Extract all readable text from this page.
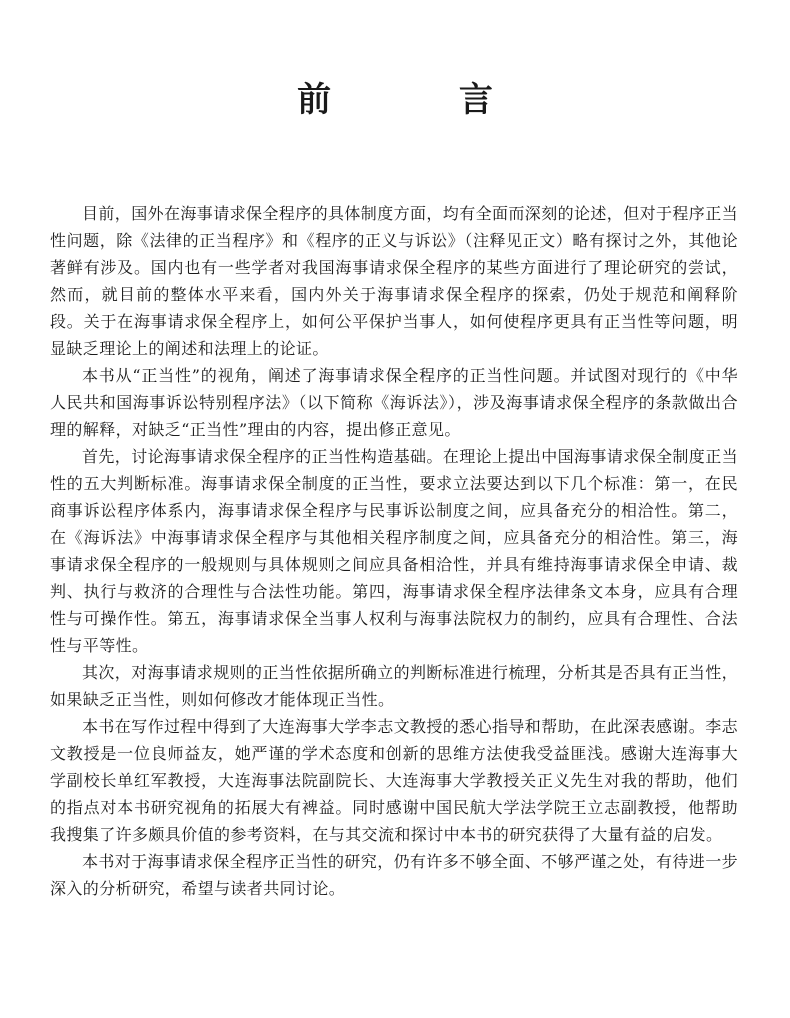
前 言

目前，国外在海事请求保全程序的具体制度方面，均有全面而深刻的论述，但对于程序正当性问题，除《法律的正当程序》和《程序的正义与诉讼》（注释见正文）略有探讨之外，其他论著鲜有涉及。国内也有一些学者对我国海事请求保全程序的某些方面进行了理论研究的尝试，然而，就目前的整体水平来看，国内外关于海事请求保全程序的探索，仍处于规范和阐释阶段。关于在海事请求保全程序上，如何公平保护当事人，如何使程序更具有正当性等问题，明显缺乏理论上的阐述和法理上的论证。

本书从“正当性”的视角，阐述了海事请求保全程序的正当性问题。并试图对现行的《中华人民共和国海事诉讼特别程序法》（以下简称《海诉法》），涉及海事请求保全程序的条款做出合理的解释，对缺乏“正当性”理由的内容，提出修正意见。

首先，讨论海事请求保全程序的正当性构造基础。在理论上提出中国海事请求保全制度正当性的五大判断标准。海事请求保全制度的正当性，要求立法要达到以下几个标准：第一，在民商事诉讼程序体系内，海事请求保全程序与民事诉讼制度之间，应具备充分的相洽性。第二，在《海诉法》中海事请求保全程序与其他相关程序制度之间，应具备充分的相洽性。第三，海事请求保全程序的一般规则与具体规则之间应具备相洽性，并具有维持海事请求保全申请、裁判、执行与救济的合理性与合法性功能。第四，海事请求保全程序法律条文本身，应具有合理性与可操作性。第五，海事请求保全当事人权利与海事法院权力的制约，应具有合理性、合法性与平等性。

其次，对海事请求规则的正当性依据所确立的判断标准进行梳理，分析其是否具有正当性，如果缺乏正当性，则如何修改才能体现正当性。

本书在写作过程中得到了大连海事大学李志文教授的悉心指导和帮助，在此深表感谢。李志文教授是一位良师益友，她严谨的学术态度和创新的思维方法使我受益匪浅。感谢大连海事大学副校长单红军教授，大连海事法院副院长、大连海事大学教授关正义先生对我的帮助，他们的指点对本书研究视角的拓展大有裨益。同时感谢中国民航大学法学院王立志副教授，他帮助我搜集了许多颇具价值的参考资料，在与其交流和探讨中本书的研究获得了大量有益的启发。

本书对于海事请求保全程序正当性的研究，仍有许多不够全面、不够严谨之处，有待进一步深入的分析研究，希望与读者共同讨论。
